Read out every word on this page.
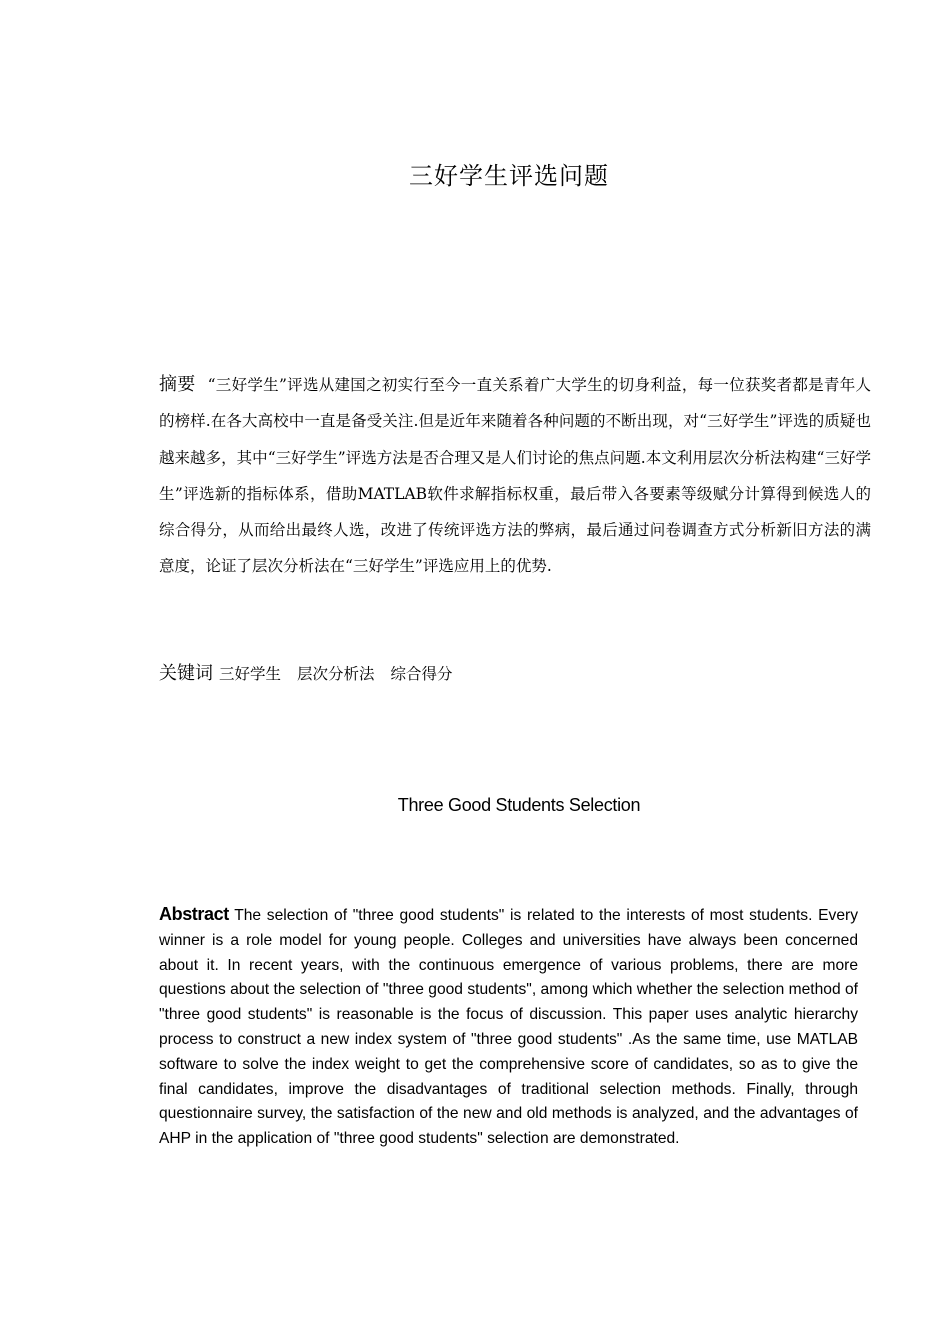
三好学生评选问题
摘要 “三好学生”评选从建国之初实行至今一直关系着广大学生的切身利益，每一位获奖者都是青年人的榜样.在各大高校中一直是备受关注.但是近年来随着各种问题的不断出现，对“三好学生”评选的质疑也越来越多，其中“三好学生”评选方法是否合理又是人们讨论的焦点问题.本文利用层次分析法构建“三好学生”评选新的指标体系，借助MATLAB软件求解指标权重，最后带入各要素等级赋分计算得到候选人的综合得分，从而给出最终人选，改进了传统评选方法的弊病，最后通过问卷调查方式分析新旧方法的满意度，论证了层次分析法在“三好学生”评选应用上的优势.
关键词 三好学生 层次分析法 综合得分
Three Good Students Selection
Abstract The selection of "three good students" is related to the interests of most students. Every winner is a role model for young people. Colleges and universities have always been concerned about it. In recent years, with the continuous emergence of various problems, there are more questions about the selection of "three good students", among which whether the selection method of "three good students" is reasonable is the focus of discussion. This paper uses analytic hierarchy process to construct a new index system of "three good students" .As the same time, use MATLAB software to solve the index weight to get the comprehensive score of candidates, so as to give the final candidates, improve the disadvantages of traditional selection methods. Finally, through questionnaire survey, the satisfaction of the new and old methods is analyzed, and the advantages of AHP in the application of "three good students" selection are demonstrated.
